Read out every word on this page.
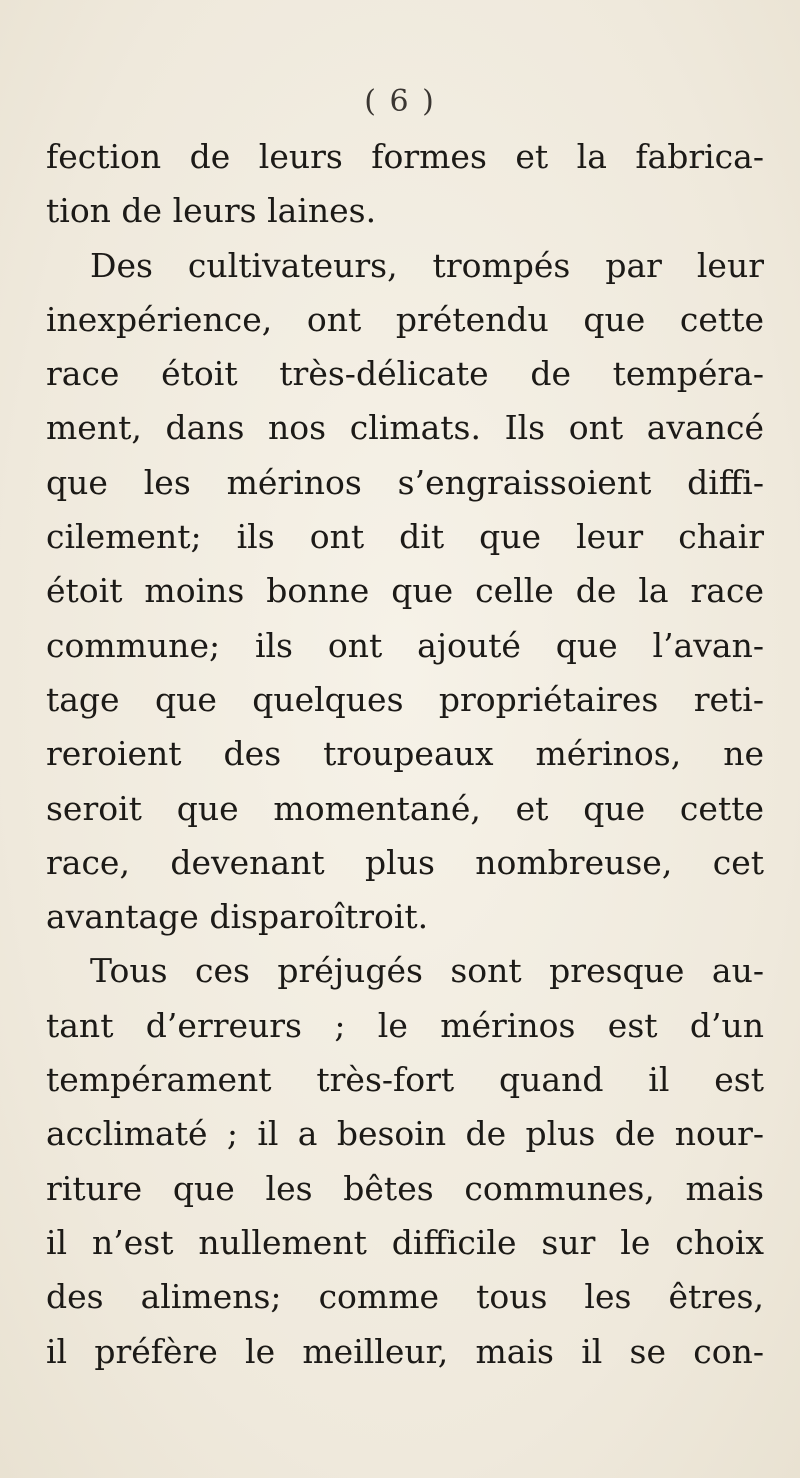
( 6 )
fection de leurs formes et la fabrica-
tion de leurs laines.
Des cultivateurs, trompés par leur
inexpérience, ont prétendu que cette
race étoit très-délicate de tempéra-
ment, dans nos climats. Ils ont avancé
que les mérinos s’engraissoient diffi-
cilement; ils ont dit que leur chair
étoit moins bonne que celle de la race
commune; ils ont ajouté que l’avan-
tage que quelques propriétaires reti-
reroient des troupeaux mérinos, ne
seroit que momentané, et que cette
race, devenant plus nombreuse, cet
avantage disparoîtroit.
Tous ces préjugés sont presque au-
tant d’erreurs ; le mérinos est d’un
tempérament très-fort quand il est
acclimaté ; il a besoin de plus de nour-
riture que les bêtes communes, mais
il n’est nullement difficile sur le choix
des alimens; comme tous les êtres,
il préfère le meilleur, mais il se con-
